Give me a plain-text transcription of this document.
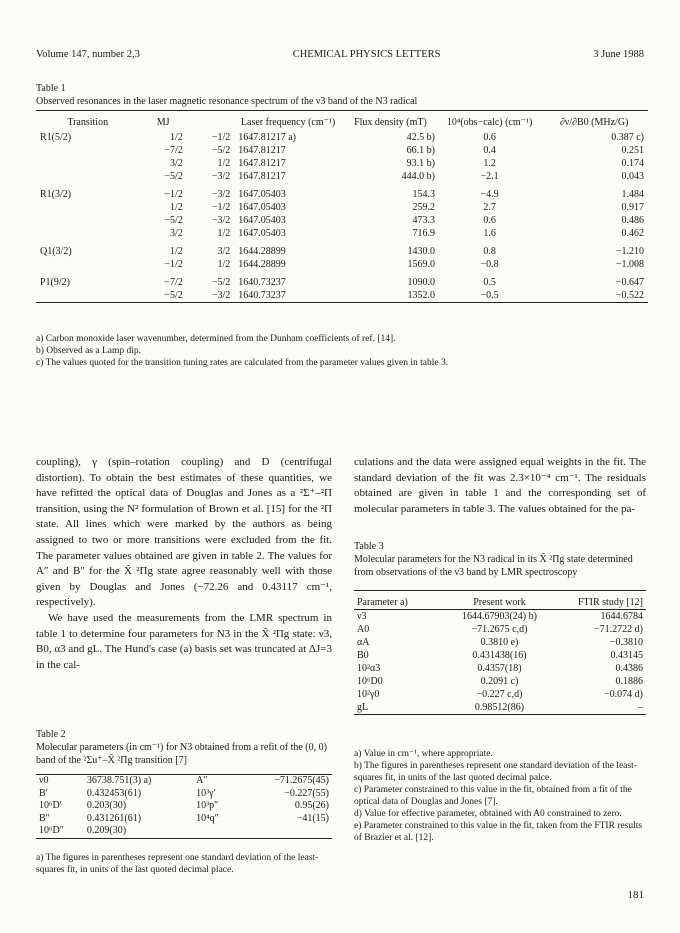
Volume 147, number 2,3	CHEMICAL PHYSICS LETTERS	3 June 1988
Table 1
Observed resonances in the laser magnetic resonance spectrum of the ν3 band of the N3 radical
Transition	MJ		Laser frequency (cm⁻¹)	Flux density (mT)	10⁴(obs−calc) (cm⁻¹)	∂ν/∂B0 (MHz/G)
R1(5/2)	1/2	−1/2	1647.81217 a)	42.5 b)	0.6	0.387 c)
	−7/2	−5/2	1647.81217	66.1 b)	0.4	0.251
	3/2	1/2	1647.81217	93.1 b)	1.2	0.174
	−5/2	−3/2	1647.81217	444.0 b)	−2.1	0.043

R1(3/2)	−1/2	−3/2	1647.05403	154.3	−4.9	1.484
	1/2	−1/2	1647.05403	259.2	2.7	0.917
	−5/2	−3/2	1647.05403	473.3	0.6	0.486
	3/2	1/2	1647.05403	716.9	1.6	0.462

Q1(3/2)	1/2	3/2	1644.28899	1430.0	0.8	−1.210
	−1/2	1/2	1644.28899	1569.0	−0.8	−1.008

P1(9/2)	−7/2	−5/2	1640.73237	1090.0	0.5	−0.647
	−5/2	−3/2	1640.73237	1352.0	−0.5	−0.522
a) Carbon monoxide laser wavenumber, determined from the Dunham coefficients of ref. [14].
b) Observed as a Lamp dip.
c) The values quoted for the transition tuning rates are calculated from the parameter values given in table 3.
coupling), γ (spin–rotation coupling) and D (centrifugal distortion). To obtain the best estimates of these quantities, we have refitted the optical data of Douglas and Jones as a ²Σ⁺–²Π transition, using the N² formulation of Brown et al. [15] for the ²Π state. All lines which were marked by the authors as being assigned to two or more transitions were excluded from the fit. The parameter values obtained are given in table 2. The values for A″ and B″ for the X̃ ²Πg state agree reasonably well with those given by Douglas and Jones (−72.26 and 0.43117 cm⁻¹, respectively).
We have used the measurements from the LMR spectrum in table 1 to determine four parameters for N3 in the X̃ ²Πg state: ν3, B0, α3 and gL. The Hund's case (a) basis set was truncated at ΔJ=3 in the cal-
culations and the data were assigned equal weights in the fit. The standard deviation of the fit was 2.3×10⁻⁴ cm⁻¹. The residuals obtained are given in table 1 and the corresponding set of molecular parameters in table 3. The values obtained for the pa-
Table 2
Molecular parameters (in cm⁻¹) for N3 obtained from a refit of the (0, 0) band of the ²Σu⁺–X̃ ²Πg transition [7]
ν0	36738.751(3) a)	A″	−71.2675(45)
B′	0.432453(61)	10³γ′	−0.227(55)
10⁶D′	0.203(30)	10³p″	0.95(26)
B″	0.431261(61)	10⁴q″	−41(15)
10⁶D″	0.209(30)		
a) The figures in parentheses represent one standard deviation of the least-squares fit, in units of the last quoted decimal place.
Table 3
Molecular parameters for the N3 radical in its X̃ ²Πg state determined from observations of the ν3 band by LMR spectroscopy
Parameter a)	Present work	FTIR study [12]
ν3	1644.67903(24) b)	1644.6784
A0	−71.2675 c,d)	−71.2722 d)
αA	0.3810 e)	−0.3810
B0	0.431438(16)	0.43145
10²α3	0.4357(18)	0.4386
10⁶D0	0.2091 c)	0.1886
10²γ0	−0.227 c,d)	−0.074 d)
gL	0.98512(86)	–
a) Value in cm⁻¹, where appropriate.
b) The figures in parentheses represent one standard deviation of the least-squares fit, in units of the last quoted decimal palce.
c) Parameter constrained to this value in the fit, obtained from a fit of the optical data of Douglas and Jones [7].
d) Value for effective parameter, obtained with A0 constrained to zero.
e) Parameter constrained to this value in the fit, taken from the FTIR results of Brazier et al. [12].
181
